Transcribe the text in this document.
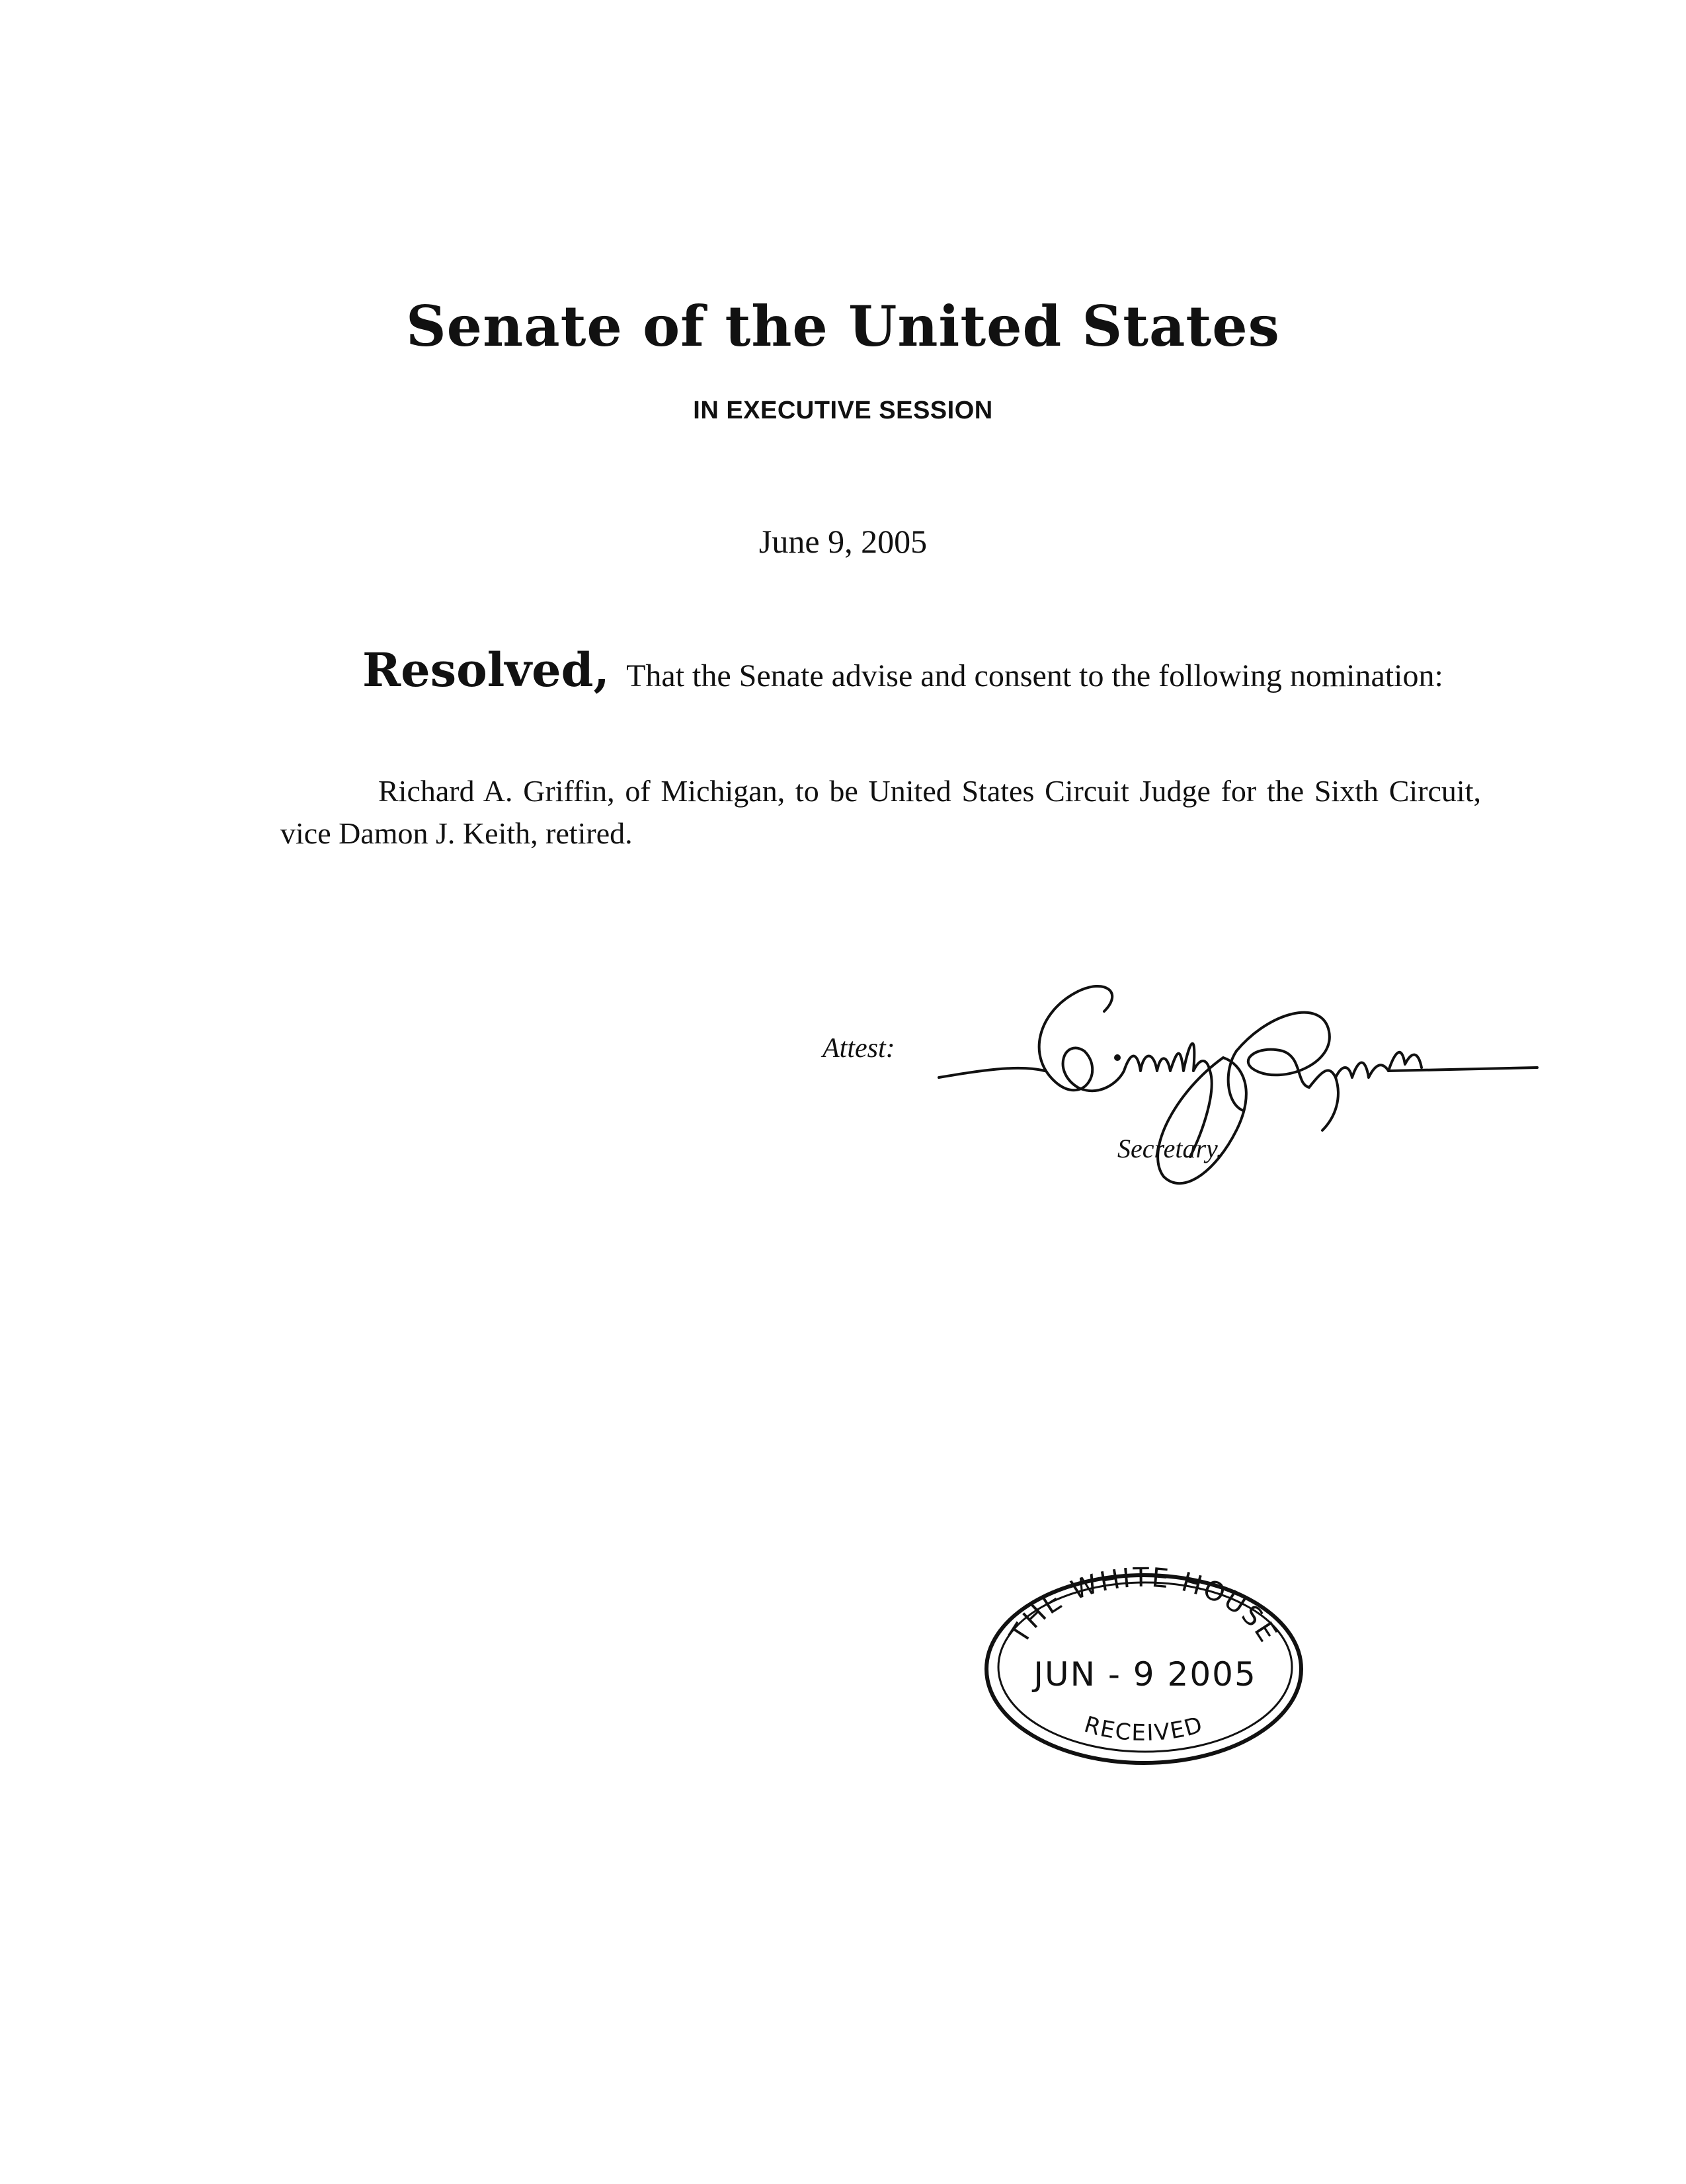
Senate of the United States
IN EXECUTIVE SESSION
June 9, 2005
Resolved, That the Senate advise and consent to the following nomination:
Richard A. Griffin, of Michigan, to be United States Circuit Judge for the Sixth Circuit, vice Damon J. Keith, retired.
Attest:
Secretary.
THE WHITE HOUSE
JUN - 9 2005
RECEIVED
